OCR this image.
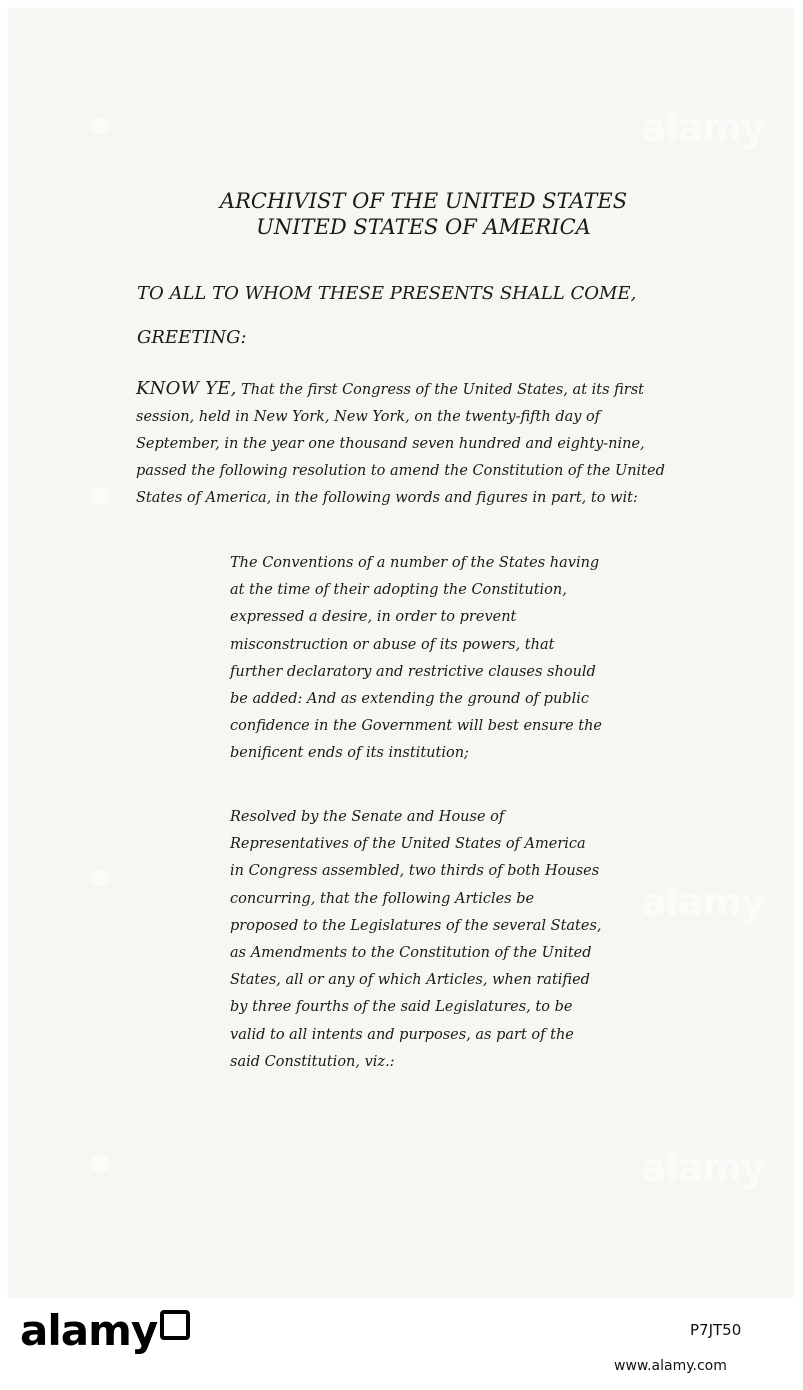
ARCHIVIST OF THE UNITED STATES
UNITED STATES OF AMERICA
TO ALL TO WHOM THESE PRESENTS SHALL COME,
GREETING:
KNOW YE, That the first Congress of the United States, at its first
session, held in New York, New York, on the twenty-fifth day of
September, in the year one thousand seven hundred and eighty-nine,
passed the following resolution to amend the Constitution of the United
States of America, in the following words and figures in part, to wit:
The Conventions of a number of the States having
at the time of their adopting the Constitution,
expressed a desire, in order to prevent
misconstruction or abuse of its powers, that
further declaratory and restrictive clauses should
be added: And as extending the ground of public
confidence in the Government will best ensure the
benificent ends of its institution;
Resolved by the Senate and House of
Representatives of the United States of America
in Congress assembled, two thirds of both Houses
concurring, that the following Articles be
proposed to the Legislatures of the several States,
as Amendments to the Constitution of the United
States, all or any of which Articles, when ratified
by three fourths of the said Legislatures, to be
valid to all intents and purposes, as part of the
said Constitution, viz.:
alamy
alamy
alamy
alamy	P7JT50
www.alamy.com
